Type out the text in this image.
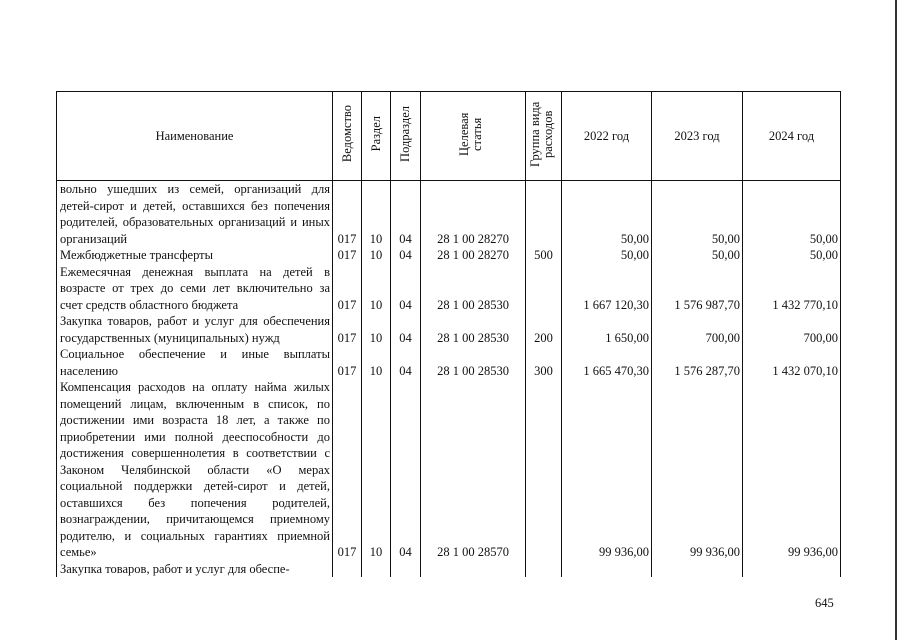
Наименование	Ведомство	Раздел	Подраздел	Целевая статья	Группа вида расходов	2022 год	2023 год	2024 год
вольно ушедших из семей, организаций для детей-сирот и детей, оставшихся без попечения родителей, образовательных организаций и иных организаций	017	10	04	28 1 00 28270		50,00	50,00	50,00
Межбюджетные трансферты	017	10	04	28 1 00 28270	500	50,00	50,00	50,00
Ежемесячная денежная выплата на детей в возрасте от трех до семи лет включительно за счет средств областного бюджета	017	10	04	28 1 00 28530		1 667 120,30	1 576 987,70	1 432 770,10
Закупка товаров, работ и услуг для обеспечения государственных (муниципальных) нужд	017	10	04	28 1 00 28530	200	1 650,00	700,00	700,00
Социальное обеспечение и иные выплаты населению	017	10	04	28 1 00 28530	300	1 665 470,30	1 576 287,70	1 432 070,10
Компенсация расходов на оплату найма жилых помещений лицам, включенным в список, по достижении ими возраста 18 лет, а также по приобретении ими полной дееспособности до достижения совершеннолетия в соответствии с Законом Челябинской области «О мерах социальной поддержки детей-сирот и детей, оставшихся без попечения родителей, вознаграждении, причитающемся приемному родителю, и социальных гарантиях приемной семье»	017	10	04	28 1 00 28570		99 936,00	99 936,00	99 936,00
Закупка товаров, работ и услуг для обеспе-								
645
